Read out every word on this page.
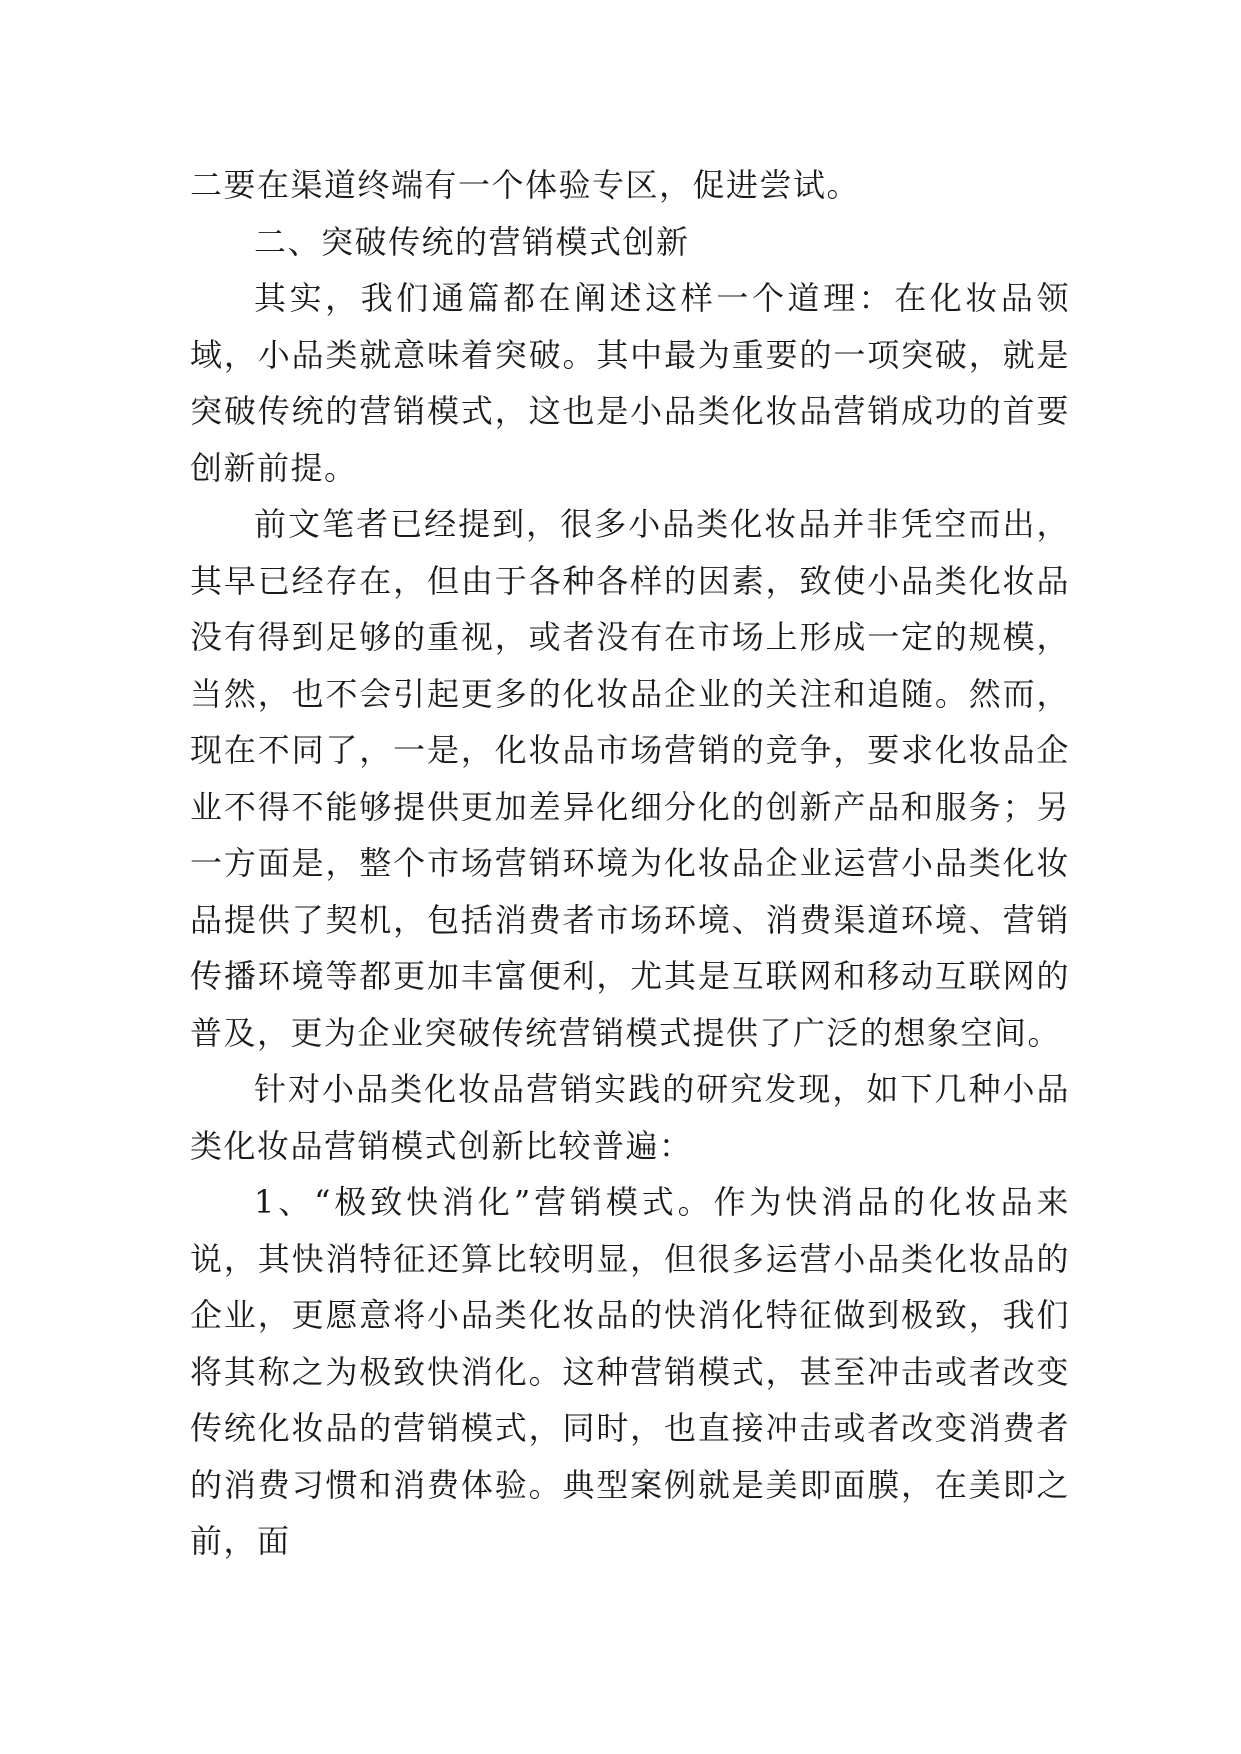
二要在渠道终端有一个体验专区，促进尝试。

二、突破传统的营销模式创新

其实，我们通篇都在阐述这样一个道理：在化妆品领域，小品类就意味着突破。其中最为重要的一项突破，就是突破传统的营销模式，这也是小品类化妆品营销成功的首要创新前提。

前文笔者已经提到，很多小品类化妆品并非凭空而出，其早已经存在，但由于各种各样的因素，致使小品类化妆品没有得到足够的重视，或者没有在市场上形成一定的规模，当然，也不会引起更多的化妆品企业的关注和追随。然而，现在不同了，一是，化妆品市场营销的竞争，要求化妆品企业不得不能够提供更加差异化细分化的创新产品和服务；另一方面是，整个市场营销环境为化妆品企业运营小品类化妆品提供了契机，包括消费者市场环境、消费渠道环境、营销传播环境等都更加丰富便利，尤其是互联网和移动互联网的普及，更为企业突破传统营销模式提供了广泛的想象空间。

针对小品类化妆品营销实践的研究发现，如下几种小品类化妆品营销模式创新比较普遍：

1、“极致快消化”营销模式。作为快消品的化妆品来说，其快消特征还算比较明显，但很多运营小品类化妆品的企业，更愿意将小品类化妆品的快消化特征做到极致，我们将其称之为极致快消化。这种营销模式，甚至冲击或者改变传统化妆品的营销模式，同时，也直接冲击或者改变消费者的消费习惯和消费体验。典型案例就是美即面膜，在美即之前，面
